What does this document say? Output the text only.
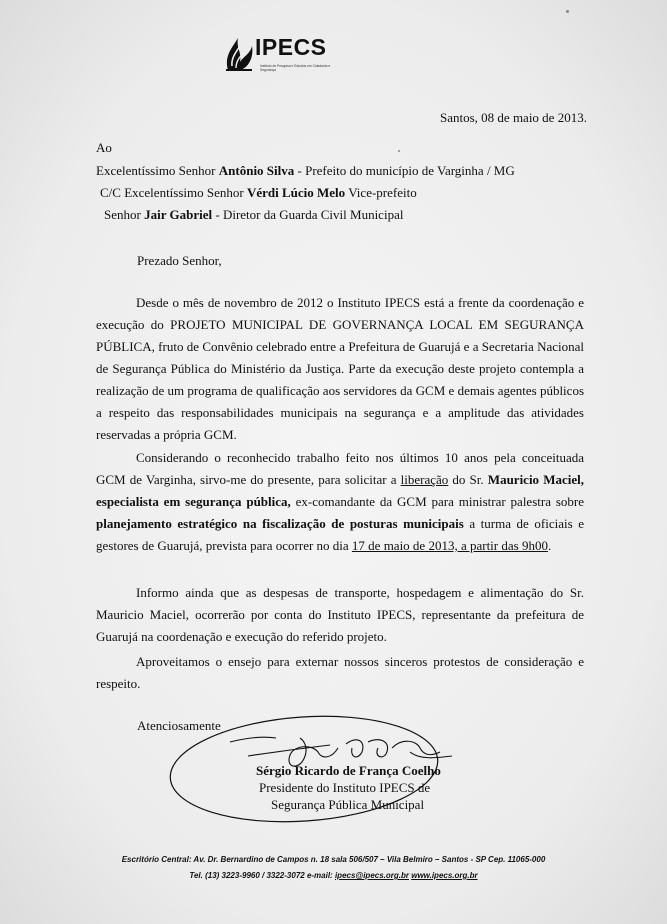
IPECS
Instituto de Pesquisa e Estudos em Cidadania e Segurança
Santos, 08 de maio de 2013.
Ao
Excelentíssimo Senhor Antônio Silva - Prefeito do município de Varginha / MG
C/C Excelentíssimo Senhor Vérdi Lúcio Melo Vice-prefeito
Senhor Jair Gabriel - Diretor da Guarda Civil Municipal
Prezado Senhor,
Desde o mês de novembro de 2012 o Instituto IPECS está a frente da coordenação e execução do PROJETO MUNICIPAL DE GOVERNANÇA LOCAL EM SEGURANÇA PÚBLICA, fruto de Convênio celebrado entre a Prefeitura de Guarujá e a Secretaria Nacional de Segurança Pública do Ministério da Justiça. Parte da execução deste projeto contempla a realização de um programa de qualificação aos servidores da GCM e demais agentes públicos a respeito das responsabilidades municipais na segurança e a amplitude das atividades reservadas a própria GCM.
Considerando o reconhecido trabalho feito nos últimos 10 anos pela conceituada GCM de Varginha, sirvo-me do presente, para solicitar a liberação do Sr. Mauricio Maciel, especialista em segurança pública, ex-comandante da GCM para ministrar palestra sobre planejamento estratégico na fiscalização de posturas municipais a turma de oficiais e gestores de Guarujá, prevista para ocorrer no dia 17 de maio de 2013, a partir das 9h00.
Informo ainda que as despesas de transporte, hospedagem e alimentação do Sr. Mauricio Maciel, ocorrerão por conta do Instituto IPECS, representante da prefeitura de Guarujá na coordenação e execução do referido projeto.
Aproveitamos o ensejo para externar nossos sinceros protestos de consideração e respeito.
Atenciosamente
Sérgio Ricardo de França Coelho
Presidente do Instituto IPECS de
Segurança Pública Municipal
Escritório Central: Av. Dr. Bernardino de Campos n. 18 sala 506/507 – Vila Belmiro – Santos - SP Cep. 11065-000
Tel. (13) 3223-9960 / 3322-3072 e-mail: ipecs@ipecs.org.br www.ipecs.org.br
